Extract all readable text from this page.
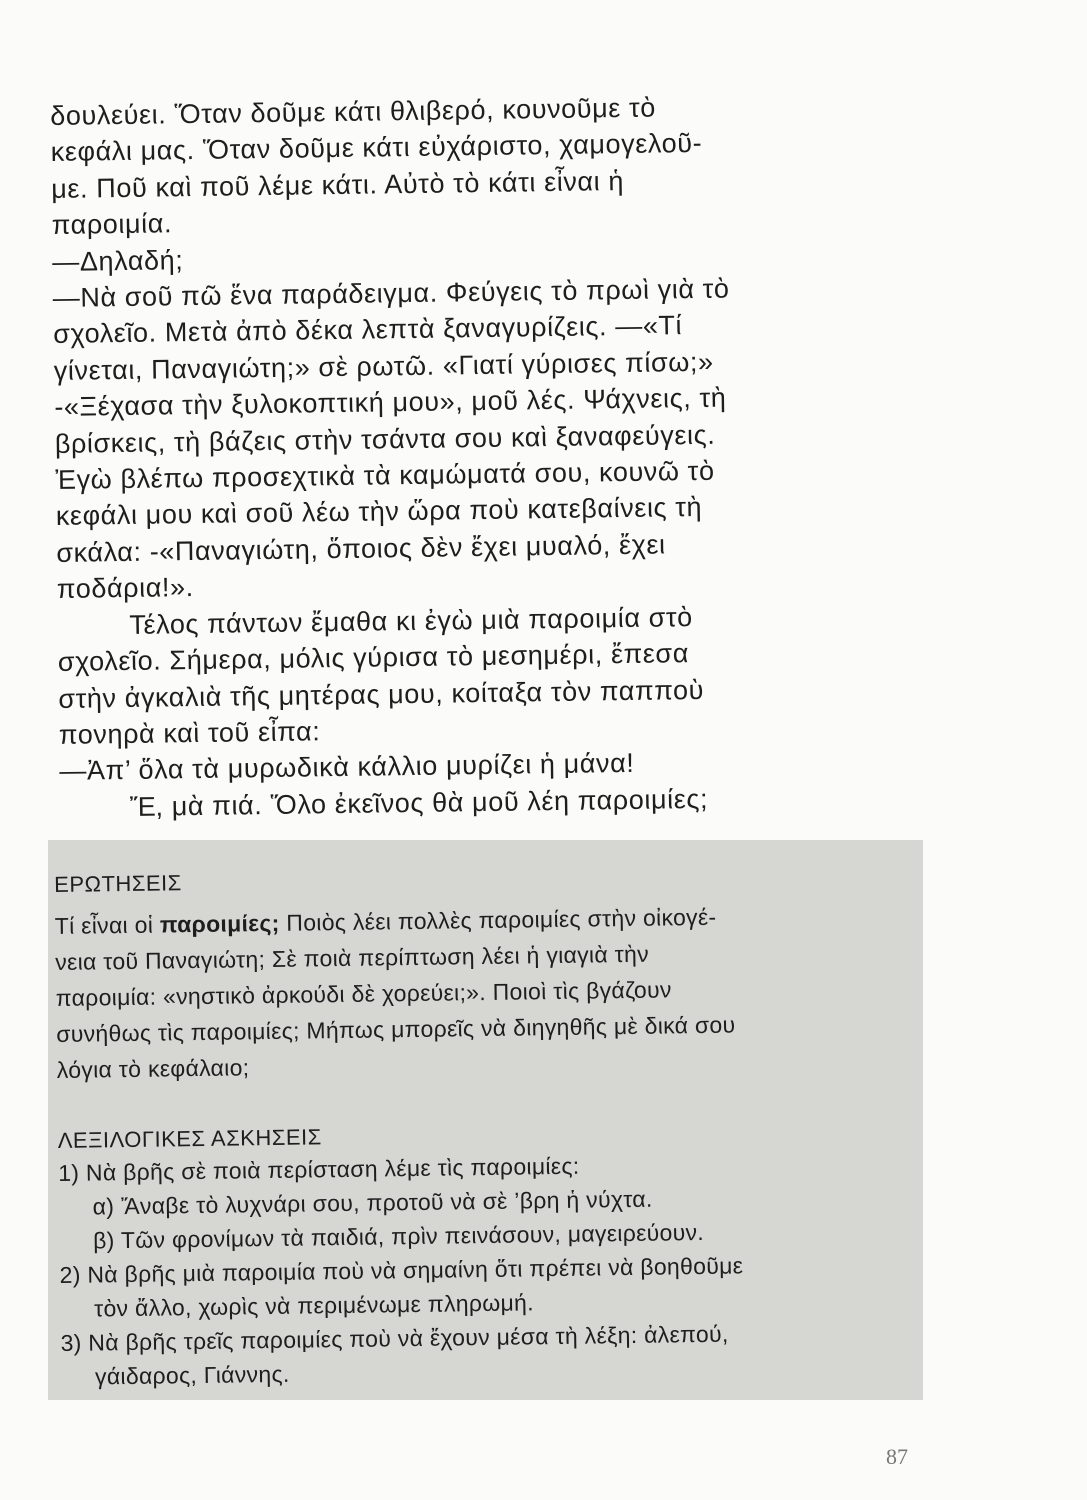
δουλεύει. Ὅταν δοῦμε κάτι θλιβερό, κουνοῦμε τὸ

κεφάλι μας. Ὅταν δοῦμε κάτι εὐχάριστο, χαμογελοῦ-

με. Ποῦ καὶ ποῦ λέμε κάτι. Αὐτὸ τὸ κάτι εἶναι ἡ

παροιμία.

—Δηλαδή;

—Νὰ σοῦ πῶ ἕνα παράδειγμα. Φεύγεις τὸ πρωὶ γιὰ τὸ

σχολεῖο. Μετὰ ἀπὸ δέκα λεπτὰ ξαναγυρίζεις. —«Τί

γίνεται, Παναγιώτη;» σὲ ρωτῶ. «Γιατί γύρισες πίσω;»

-«Ξέχασα τὴν ξυλοκοπτική μου», μοῦ λές. Ψάχνεις, τὴ

βρίσκεις, τὴ βάζεις στὴν τσάντα σου καὶ ξαναφεύγεις.

Ἐγὼ βλέπω προσεχτικὰ τὰ καμώματά σου, κουνῶ τὸ

κεφάλι μου καὶ σοῦ λέω τὴν ὥρα ποὺ κατεβαίνεις τὴ

σκάλα: -«Παναγιώτη, ὅποιος δὲν ἔχει μυαλό, ἔχει

ποδάρια!».

Τέλος πάντων ἔμαθα κι ἐγὼ μιὰ παροιμία στὸ

σχολεῖο. Σήμερα, μόλις γύρισα τὸ μεσημέρι, ἔπεσα

στὴν ἀγκαλιὰ τῆς μητέρας μου, κοίταξα τὸν παπποὺ

πονηρὰ καὶ τοῦ εἶπα:

—Ἀπ’ ὅλα τὰ μυρωδικὰ κάλλιο μυρίζει ἡ μάνα!

Ἔ, μὰ πιά. Ὅλο ἐκεῖνος θὰ μοῦ λέη παροιμίες;

ΕΡΩΤΗΣΕΙΣ

Τί εἶναι οἱ παροιμίες; Ποιὸς λέει πολλὲς παροιμίες στὴν οἰκογέ-

νεια τοῦ Παναγιώτη; Σὲ ποιὰ περίπτωση λέει ἡ γιαγιὰ τὴν

παροιμία: «νηστικὸ ἀρκούδι δὲ χορεύει;». Ποιοὶ τὶς βγάζουν

συνήθως τὶς παροιμίες; Μήπως μπορεῖς νὰ διηγηθῆς μὲ δικά σου

λόγια τὸ κεφάλαιο;

ΛΕΞΙΛΟΓΙΚΕΣ ΑΣΚΗΣΕΙΣ

1) Νὰ βρῆς σὲ ποιὰ περίσταση λέμε τὶς παροιμίες:

α) Ἄναβε τὸ λυχνάρι σου, προτοῦ νὰ σὲ ’βρη ἡ νύχτα.

β) Τῶν φρονίμων τὰ παιδιά, πρὶν πεινάσουν, μαγειρεύουν.

2) Νὰ βρῆς μιὰ παροιμία ποὺ νὰ σημαίνη ὅτι πρέπει νὰ βοηθοῦμε

τὸν ἄλλο, χωρὶς νὰ περιμένωμε πληρωμή.

3) Νὰ βρῆς τρεῖς παροιμίες ποὺ νὰ ἔχουν μέσα τὴ λέξη: ἀλεπού,

γάιδαρος, Γιάννης.

87
